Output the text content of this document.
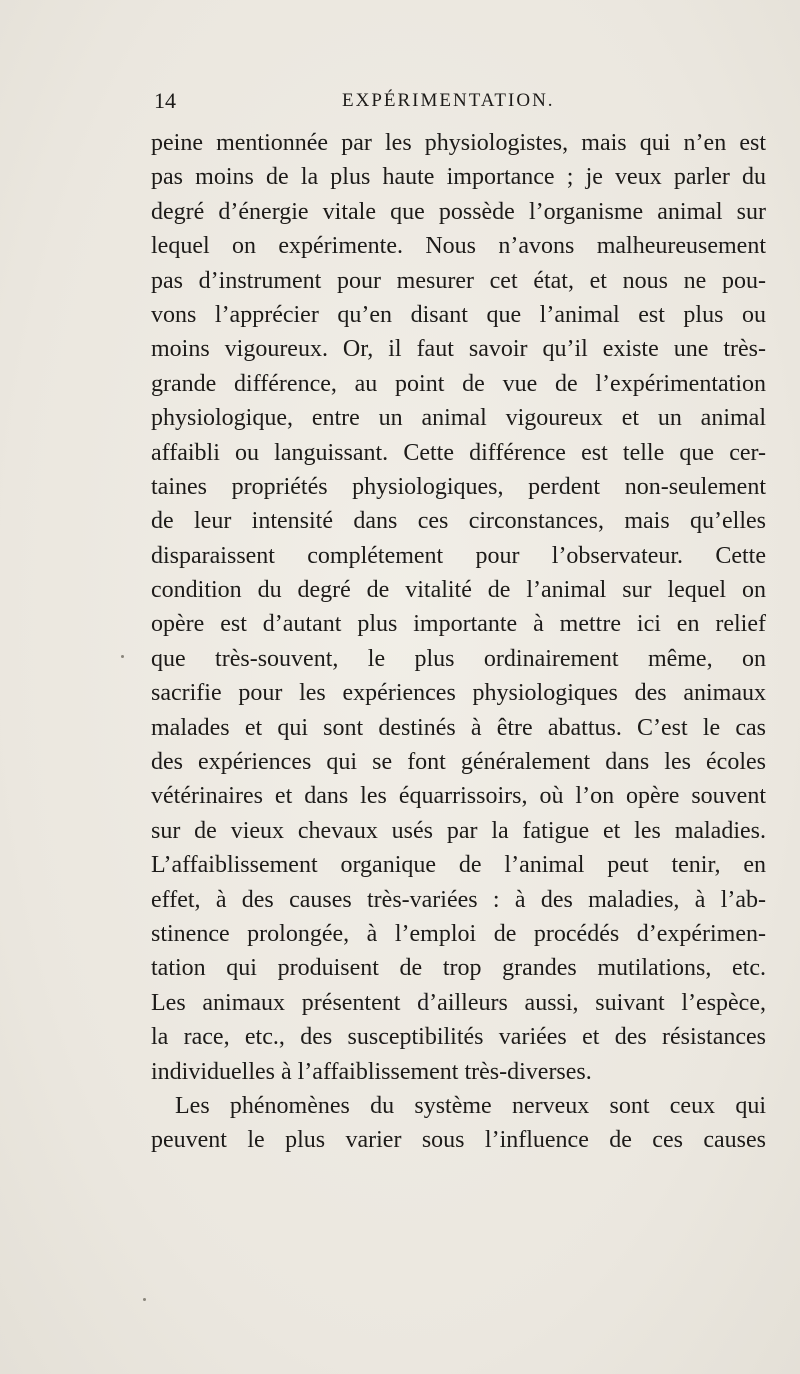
14	EXPÉRIMENTATION.
peine mentionnée par les physiologistes, mais qui n’en est
pas moins de la plus haute importance ; je veux parler du
degré d’énergie vitale que possède l’organisme animal sur
lequel on expérimente. Nous n’avons malheureusement
pas d’instrument pour mesurer cet état, et nous ne pou-
vons l’apprécier qu’en disant que l’animal est plus ou
moins vigoureux. Or, il faut savoir qu’il existe une très-
grande différence, au point de vue de l’expérimentation
physiologique, entre un animal vigoureux et un animal
affaibli ou languissant. Cette différence est telle que cer-
taines propriétés physiologiques, perdent non-seulement
de leur intensité dans ces circonstances, mais qu’elles
disparaissent complétement pour l’observateur. Cette
condition du degré de vitalité de l’animal sur lequel on
opère est d’autant plus importante à mettre ici en relief
que très-souvent, le plus ordinairement même, on
sacrifie pour les expériences physiologiques des animaux
malades et qui sont destinés à être abattus. C’est le cas
des expériences qui se font généralement dans les écoles
vétérinaires et dans les équarrissoirs, où l’on opère souvent
sur de vieux chevaux usés par la fatigue et les maladies.
L’affaiblissement organique de l’animal peut tenir, en
effet, à des causes très-variées : à des maladies, à l’ab-
stinence prolongée, à l’emploi de procédés d’expérimen-
tation qui produisent de trop grandes mutilations, etc.
Les animaux présentent d’ailleurs aussi, suivant l’espèce,
la race, etc., des susceptibilités variées et des résistances
individuelles à l’affaiblissement très-diverses.
Les phénomènes du système nerveux sont ceux qui
peuvent le plus varier sous l’influence de ces causes
